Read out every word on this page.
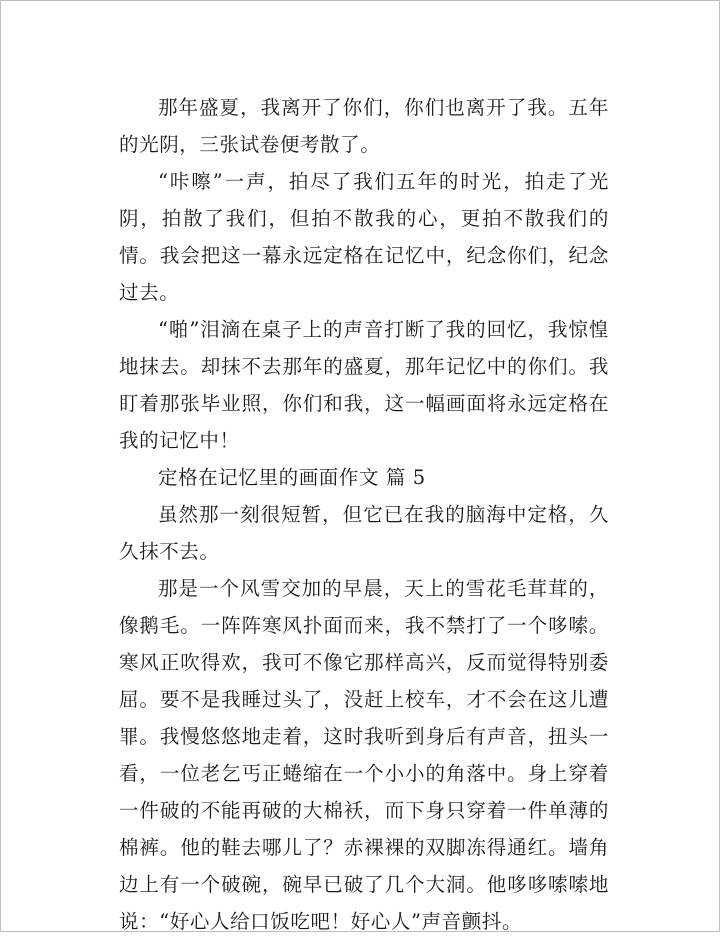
那年盛夏，我离开了你们，你们也离开了我。五年的光阴，三张试卷便考散了。

“咔嚓”一声，拍尽了我们五年的时光，拍走了光阴，拍散了我们，但拍不散我的心，更拍不散我们的情。我会把这一幕永远定格在记忆中，纪念你们，纪念过去。

“啪”泪滴在桌子上的声音打断了我的回忆，我惊惶地抹去。却抹不去那年的盛夏，那年记忆中的你们。我盯着那张毕业照，你们和我，这一幅画面将永远定格在我的记忆中！

定格在记忆里的画面作文 篇 5

虽然那一刻很短暂，但它已在我的脑海中定格，久久抹不去。

那是一个风雪交加的早晨，天上的雪花毛茸茸的，像鹅毛。一阵阵寒风扑面而来，我不禁打了一个哆嗦。寒风正吹得欢，我可不像它那样高兴，反而觉得特别委屈。要不是我睡过头了，没赶上校车，才不会在这儿遭罪。我慢悠悠地走着，这时我听到身后有声音，扭头一看，一位老乞丐正蜷缩在一个小小的角落中。身上穿着一件破的不能再破的大棉袄，而下身只穿着一件单薄的棉裤。他的鞋去哪儿了？赤裸裸的双脚冻得通红。墙角边上有一个破碗，碗早已破了几个大洞。他哆哆嗦嗦地说：“好心人给口饭吃吧！好心人”声音颤抖。
